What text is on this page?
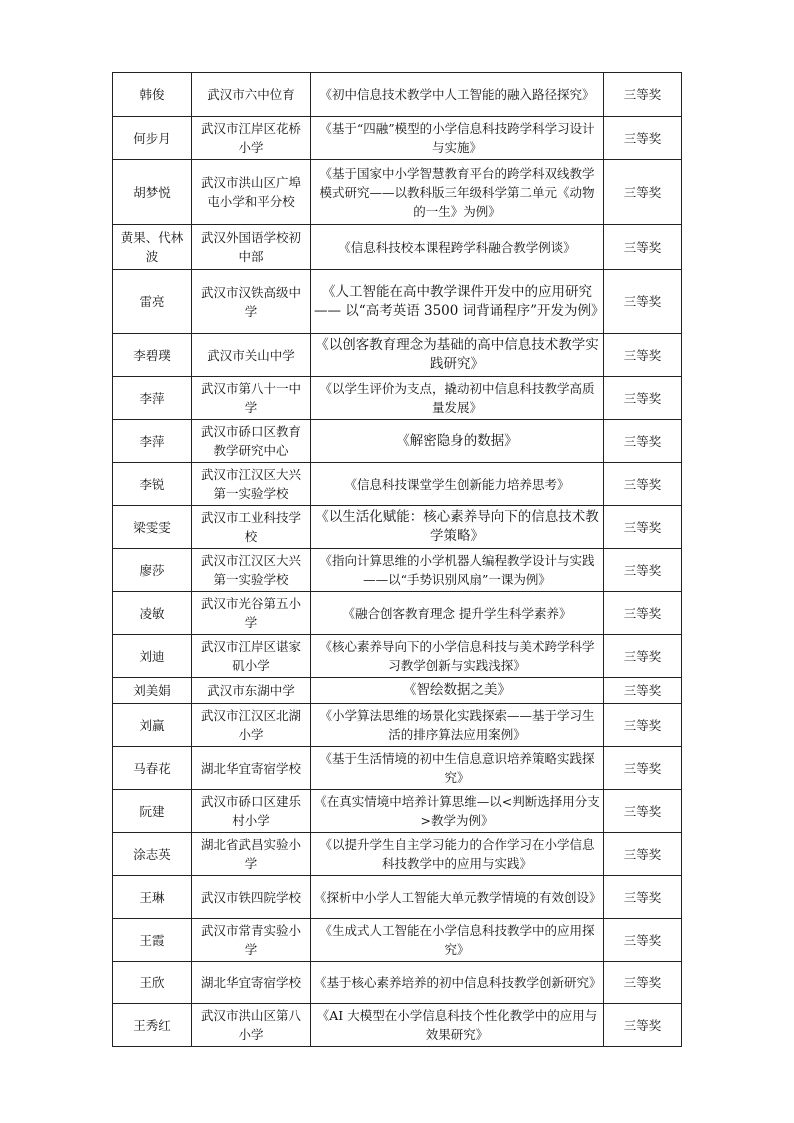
韩俊	武汉市六中位育	《初中信息技术教学中人工智能的融入路径探究》	三等奖
何步月	武汉市江岸区花桥小学	《基于“四融”模型的小学信息科技跨学科学习设计与实施》	三等奖
胡梦悦	武汉市洪山区广埠屯小学和平分校	《基于国家中小学智慧教育平台的跨学科双线教学模式研究——以教科版三年级科学第二单元《动物的一生》为例》	三等奖
黄果、代林波	武汉外国语学校初中部	《信息科技校本课程跨学科融合教学例谈》	三等奖
雷亮	武汉市汉铁高级中学	《人工智能在高中教学课件开发中的应用研究—— 以“高考英语 3500 词背诵程序”开发为例》	三等奖
李碧璞	武汉市关山中学	《以创客教育理念为基础的高中信息技术教学实践研究》	三等奖
李萍	武汉市第八十一中学	《以学生评价为支点，撬动初中信息科技教学高质量发展》	三等奖
李萍	武汉市硚口区教育教学研究中心	《解密隐身的数据》	三等奖
李锐	武汉市江汉区大兴第一实验学校	《信息科技课堂学生创新能力培养思考》	三等奖
梁雯雯	武汉市工业科技学校	《以生活化赋能：核心素养导向下的信息技术教学策略》	三等奖
廖莎	武汉市江汉区大兴第一实验学校	《指向计算思维的小学机器人编程教学设计与实践——以“手势识别风扇”一课为例》	三等奖
凌敏	武汉市光谷第五小学	《融合创客教育理念 提升学生科学素养》	三等奖
刘迪	武汉市江岸区谌家矶小学	《核心素养导向下的小学信息科技与美术跨学科学习教学创新与实践浅探》	三等奖
刘美娟	武汉市东湖中学	《智绘数据之美》	三等奖
刘赢	武汉市江汉区北湖小学	《小学算法思维的场景化实践探索——基于学习生活的排序算法应用案例》	三等奖
马春花	湖北华宜寄宿学校	《基于生活情境的初中生信息意识培养策略实践探究》	三等奖
阮建	武汉市硚口区建乐村小学	《在真实情境中培养计算思维—以<判断选择用分支>教学为例》	三等奖
涂志英	湖北省武昌实验小学	《以提升学生自主学习能力的合作学习在小学信息科技教学中的应用与实践》	三等奖
王琳	武汉市铁四院学校	《探析中小学人工智能大单元教学情境的有效创设》	三等奖
王霞	武汉市常青实验小学	《生成式人工智能在小学信息科技教学中的应用探究》	三等奖
王欣	湖北华宜寄宿学校	《基于核心素养培养的初中信息科技教学创新研究》	三等奖
王秀红	武汉市洪山区第八小学	《AI 大模型在小学信息科技个性化教学中的应用与效果研究》	三等奖
